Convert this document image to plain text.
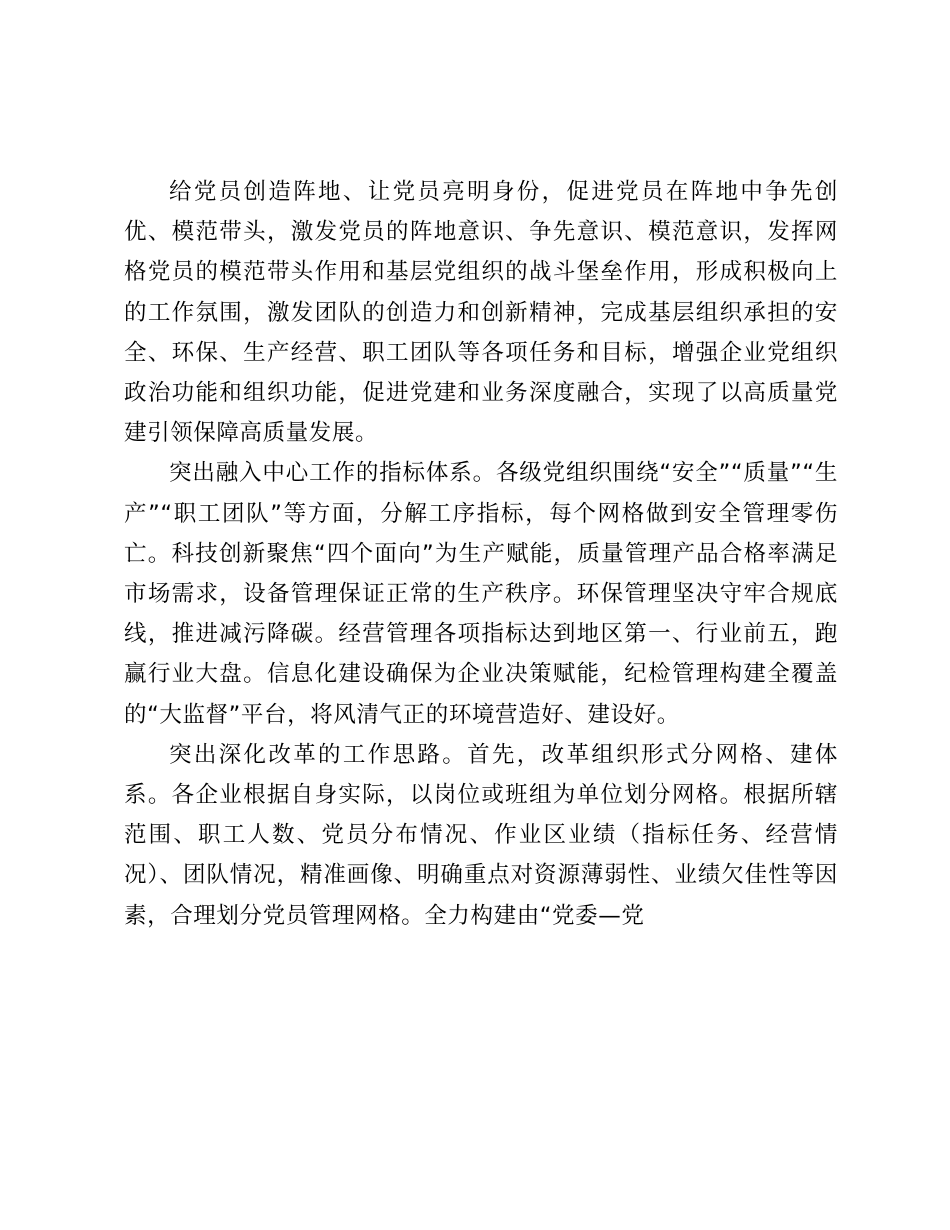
给党员创造阵地、让党员亮明身份，促进党员在阵地中争先创优、模范带头，激发党员的阵地意识、争先意识、模范意识，发挥网格党员的模范带头作用和基层党组织的战斗堡垒作用，形成积极向上的工作氛围，激发团队的创造力和创新精神，完成基层组织承担的安全、环保、生产经营、职工团队等各项任务和目标，增强企业党组织政治功能和组织功能，促进党建和业务深度融合，实现了以高质量党建引领保障高质量发展。

突出融入中心工作的指标体系。各级党组织围绕“安全”“质量”“生产”“职工团队”等方面，分解工序指标，每个网格做到安全管理零伤亡。科技创新聚焦“四个面向”为生产赋能，质量管理产品合格率满足市场需求，设备管理保证正常的生产秩序。环保管理坚决守牢合规底线，推进减污降碳。经营管理各项指标达到地区第一、行业前五，跑赢行业大盘。信息化建设确保为企业决策赋能，纪检管理构建全覆盖的“大监督”平台，将风清气正的环境营造好、建设好。

突出深化改革的工作思路。首先，改革组织形式分网格、建体系。各企业根据自身实际，以岗位或班组为单位划分网格。根据所辖范围、职工人数、党员分布情况、作业区业绩（指标任务、经营情况）、团队情况，精准画像、明确重点对资源薄弱性、业绩欠佳性等因素，合理划分党员管理网格。全力构建由“党委—党
